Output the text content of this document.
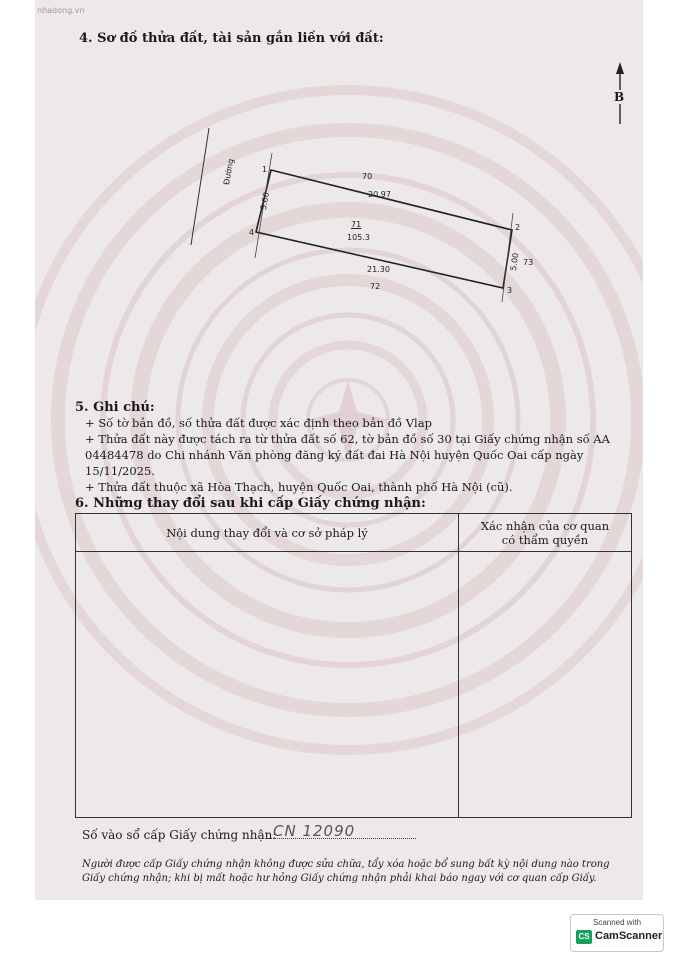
nhadong.vn
4. Sơ đồ thửa đất, tài sản gắn liền với đất:
B
Đường	1
2
3
4
70
20.97
71
105.3
21.30
72
5.00
5.00 73
5. Ghi chú:
+ Số tờ bản đồ, số thửa đất được xác định theo bản đồ Vlap
+ Thửa đất này được tách ra từ thửa đất số 62, tờ bản đồ số 30 tại Giấy chứng nhận số AA
04484478 do Chi nhánh Văn phòng đăng ký đất đai Hà Nội huyện Quốc Oai cấp ngày
15/11/2025.
+ Thửa đất thuộc xã Hòa Thạch, huyện Quốc Oai, thành phố Hà Nội (cũ).
6. Những thay đổi sau khi cấp Giấy chứng nhận:
Nội dung thay đổi và cơ sở pháp lý	Xác nhận của cơ quan
có thẩm quyền

Số vào sổ cấp Giấy chứng nhận:
CN 12090
Người được cấp Giấy chứng nhận không được sửa chữa, tẩy xóa hoặc bổ sung bất kỳ nội dung nào trong
Giấy chứng nhận; khi bị mất hoặc hư hỏng Giấy chứng nhận phải khai báo ngay với cơ quan cấp Giấy.
Scanned with
CS CamScanner
